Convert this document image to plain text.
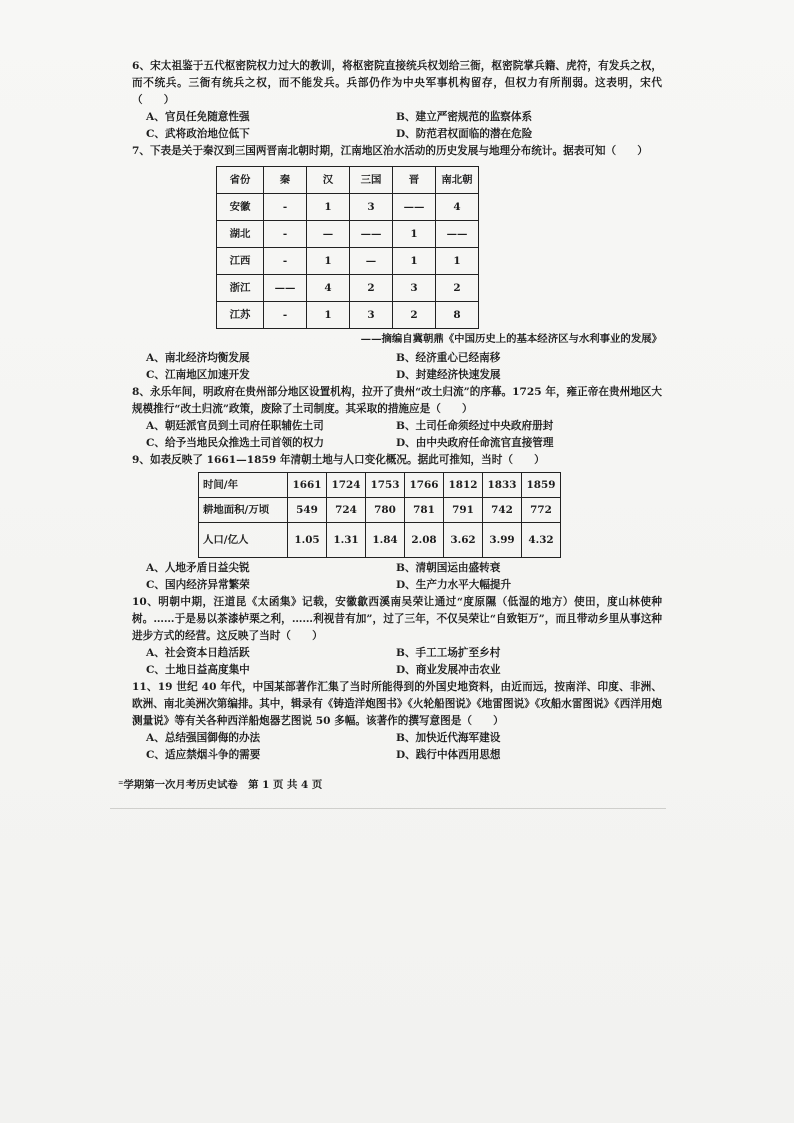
6、宋太祖鉴于五代枢密院权力过大的教训，将枢密院直接统兵权划给三衙，枢密院掌兵籍、虎符，有发兵之权，而不统兵。三衙有统兵之权，而不能发兵。兵部仍作为中央军事机构留存，但权力有所削弱。这表明，宋代（　　）

A、官员任免随意性强	B、建立严密规范的监察体系
C、武将政治地位低下	D、防范君权面临的潜在危险

7、下表是关于秦汉到三国两晋南北朝时期，江南地区治水活动的历史发展与地理分布统计。据表可知（　　）

省份	秦	汉	三国	晋	南北朝
安徽	-	1	3	——	4
湖北	-	—	——	1	——
江西	-	1	—	1	1
浙江	——	4	2	3	2
江苏	-	1	3	2	8
——摘编自冀朝鼎《中国历史上的基本经济区与水利事业的发展》
A、南北经济均衡发展	B、经济重心已经南移
C、江南地区加速开发	D、封建经济快速发展

8、永乐年间，明政府在贵州部分地区设置机构，拉开了贵州“改土归流”的序幕。1725 年，雍正帝在贵州地区大规模推行“改土归流”政策，废除了土司制度。其采取的措施应是（　　）

A、朝廷派官员到土司府任职辅佐土司	B、土司任命须经过中央政府册封
C、给予当地民众推选土司首领的权力	D、由中央政府任命流官直接管理

9、如表反映了 1661—1859 年清朝土地与人口变化概况。据此可推知，当时（　　）

时间/年	1661	1724	1753	1766	1812	1833	1859
耕地面积/万顷	549	724	780	781	791	742	772
人口/亿人	1.05	1.31	1.84	2.08	3.62	3.99	4.32
A、人地矛盾日益尖锐	B、清朝国运由盛转衰
C、国内经济异常繁荣	D、生产力水平大幅提升

10、明朝中期，汪道昆《太函集》记载，安徽歙西溪南吴荣让通过“度原隰（低湿的地方）使田，度山林使种树。……于是易以茶漆栌栗之利，……利视昔有加”，过了三年，不仅吴荣让“自致钜万”，而且带动乡里从事这种进步方式的经营。这反映了当时（　　）

A、社会资本日趋活跃	B、手工工场扩至乡村
C、土地日益高度集中	D、商业发展冲击农业

11、19 世纪 40 年代，中国某部著作汇集了当时所能得到的外国史地资料，由近而远，按南洋、印度、非洲、欧洲、南北美洲次第编排。其中，辑录有《铸造洋炮图书》《火轮船图说》《地雷图说》《攻船水雷图说》《西洋用炮测量说》等有关各种西洋船炮器艺图说 50 多幅。该著作的撰写意图是（　　）

A、总结强国御侮的办法	B、加快近代海军建设
C、适应禁烟斗争的需要	D、践行中体西用思想
⁼学期第一次月考历史试卷　第 1 页 共 4 页
